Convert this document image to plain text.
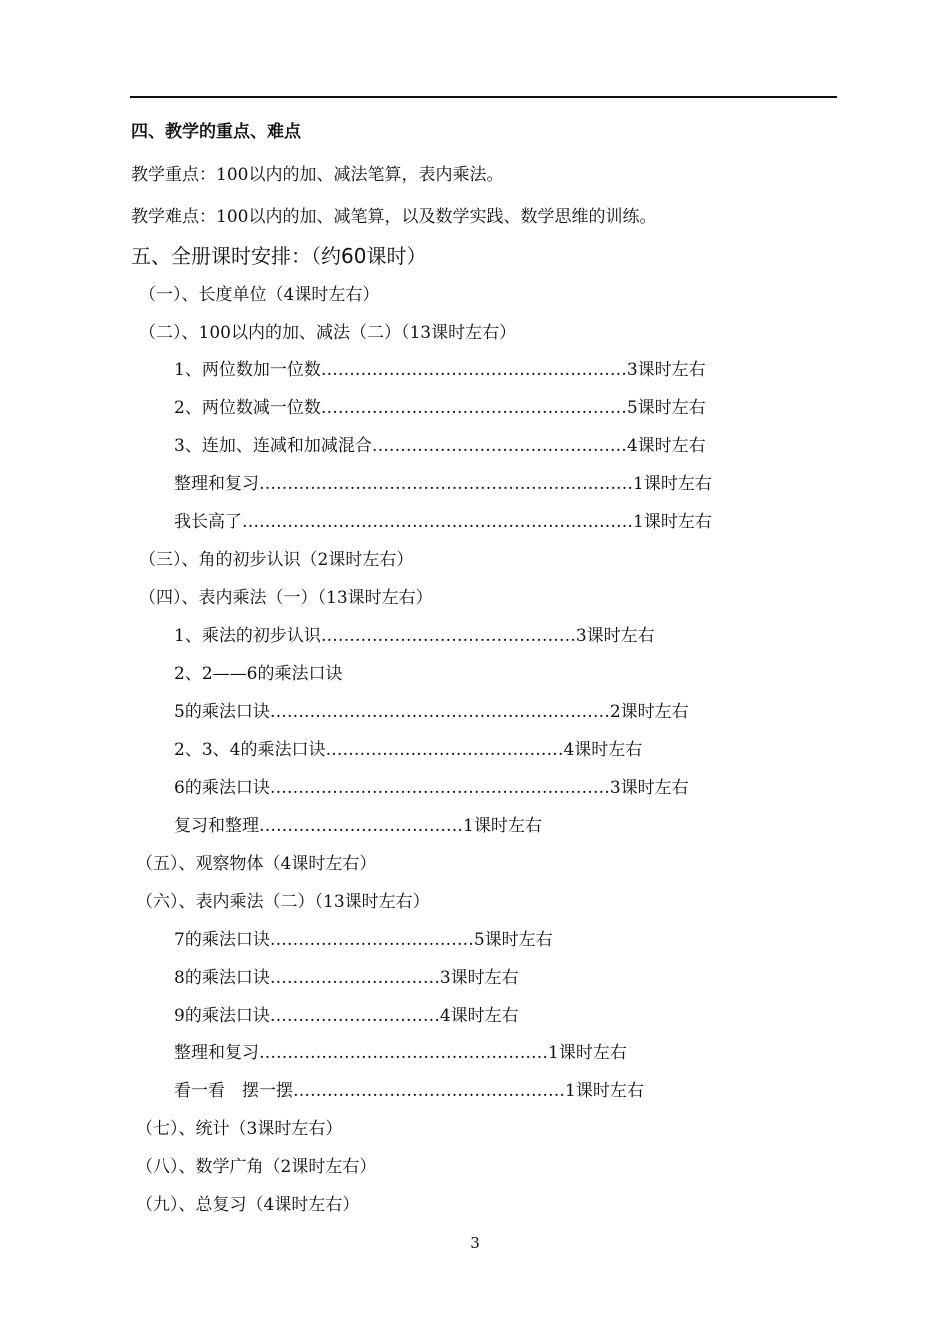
四、教学的重点、难点
教学重点：100以内的加、减法笔算，表内乘法。
教学难点：100以内的加、减笔算，以及数学实践、数学思维的训练。
五、全册课时安排：（约60课时）
（一）、长度单位（4课时左右）
（二）、100以内的加、减法（二）（13课时左右）
1、两位数加一位数………………………………………………3课时左右
2、两位数减一位数………………………………………………5课时左右
3、连加、连减和加减混合………………………………………4课时左右
整理和复习…………………………………………………………1课时左右
我长高了……………………………………………………………1课时左右
（三）、角的初步认识（2课时左右）
（四）、表内乘法（一）（13课时左右）
1、乘法的初步认识………………………………………3课时左右
2、2——6的乘法口诀
5的乘法口诀……………………………………………………2课时左右
2、3、4的乘法口诀……………………………………4课时左右
6的乘法口诀……………………………………………………3课时左右
复习和整理………………………………1课时左右
（五）、观察物体（4课时左右）
（六）、表内乘法（二）（13课时左右）
7的乘法口诀………………………………5课时左右
8的乘法口诀…………………………3课时左右
9的乘法口诀…………………………4课时左右
整理和复习……………………………………………1课时左右
看一看　摆一摆…………………………………………1课时左右
（七）、统计（3课时左右）
（八）、数学广角（2课时左右）
（九）、总复习（4课时左右）
3
